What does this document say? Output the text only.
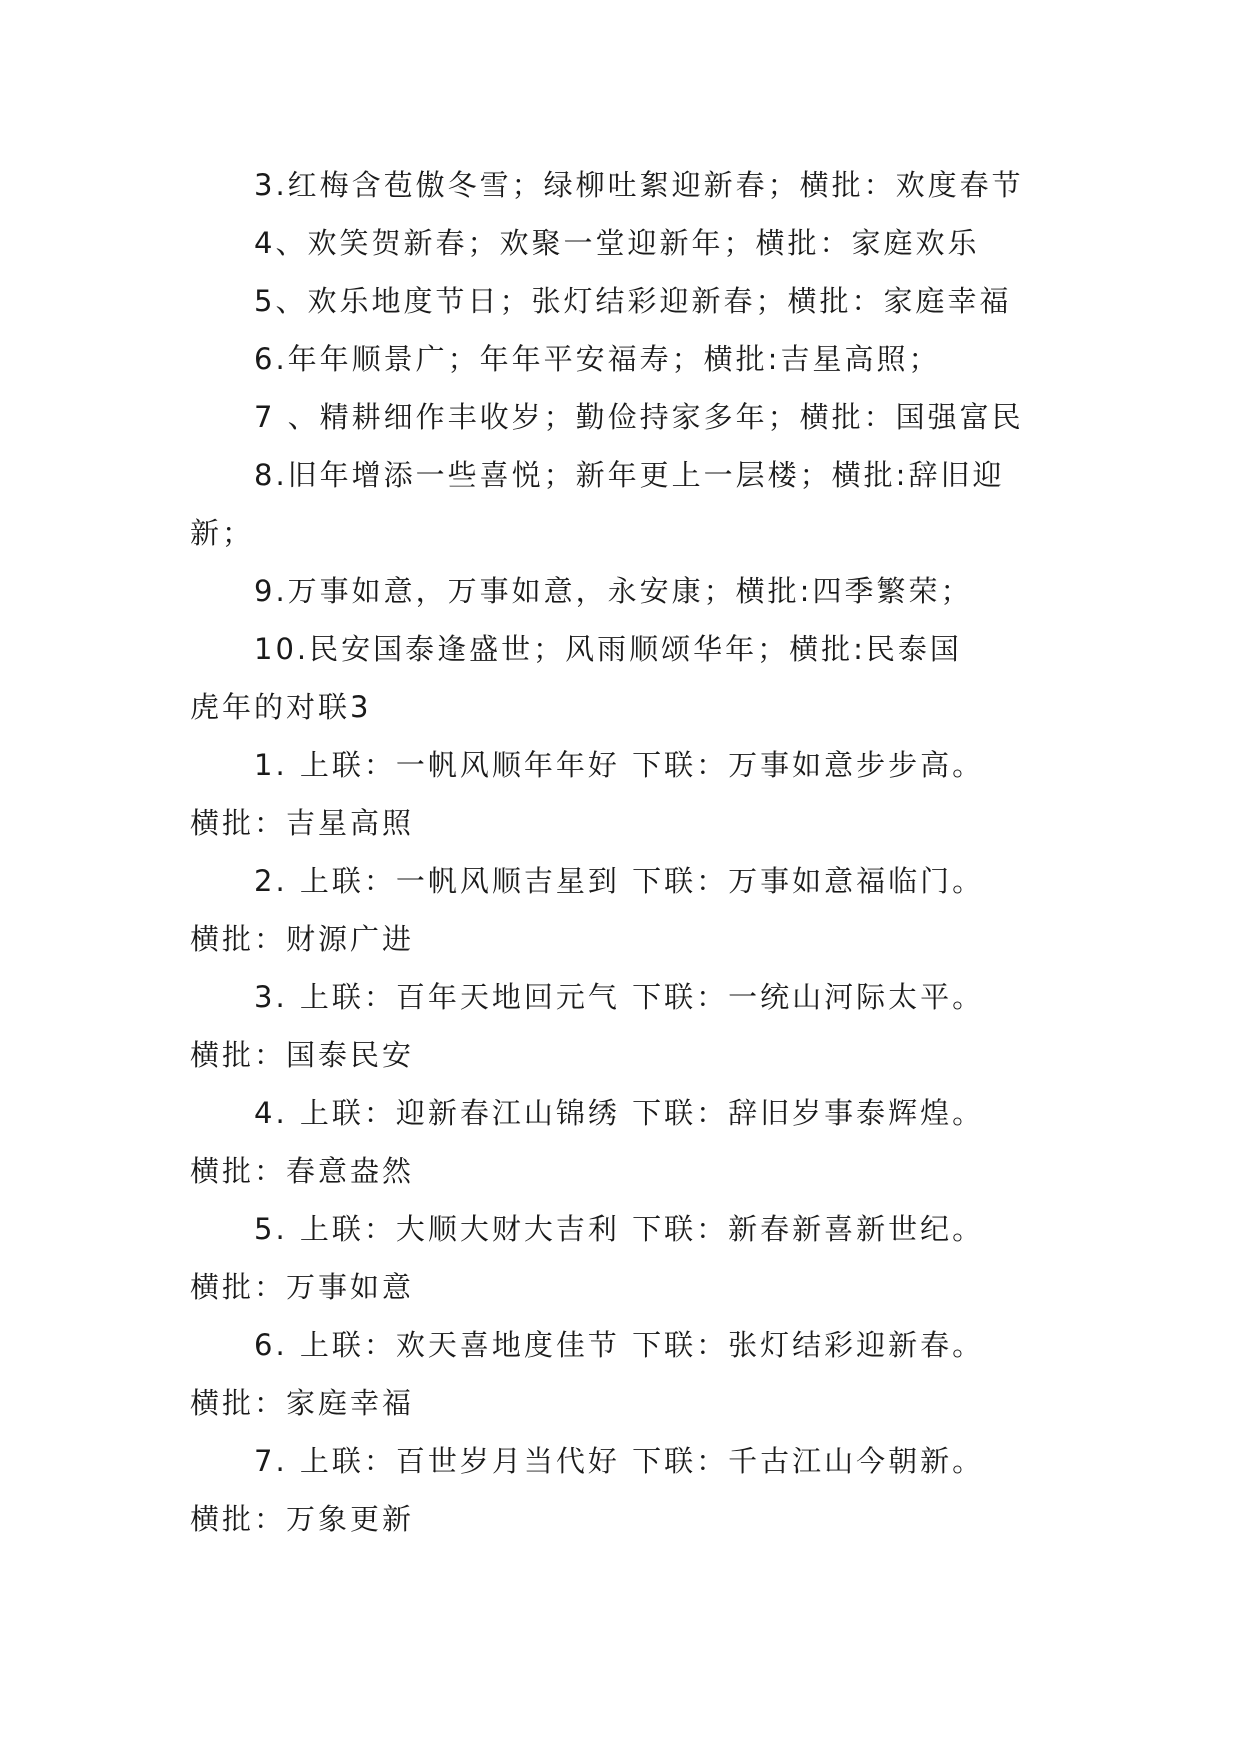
3.红梅含苞傲冬雪；绿柳吐絮迎新春；横批：欢度春节
4、欢笑贺新春；欢聚一堂迎新年；横批：家庭欢乐
5、欢乐地度节日；张灯结彩迎新春；横批：家庭幸福
6.年年顺景广；年年平安福寿；横批:吉星高照；
7 、精耕细作丰收岁；勤俭持家多年；横批：国强富民
8.旧年增添一些喜悦；新年更上一层楼；横批:辞旧迎
新；
9.万事如意，万事如意，永安康；横批:四季繁荣；
10.民安国泰逢盛世；风雨顺颂华年；横批:民泰国
虎年的对联3
1. 上联：一帆风顺年年好 下联：万事如意步步高。
横批：吉星高照
2. 上联：一帆风顺吉星到 下联：万事如意福临门。
横批：财源广进
3. 上联：百年天地回元气 下联：一统山河际太平。
横批：国泰民安
4. 上联：迎新春江山锦绣 下联：辞旧岁事泰辉煌。
横批：春意盎然
5. 上联：大顺大财大吉利 下联：新春新喜新世纪。
横批：万事如意
6. 上联：欢天喜地度佳节 下联：张灯结彩迎新春。
横批：家庭幸福
7. 上联：百世岁月当代好 下联：千古江山今朝新。
横批：万象更新
